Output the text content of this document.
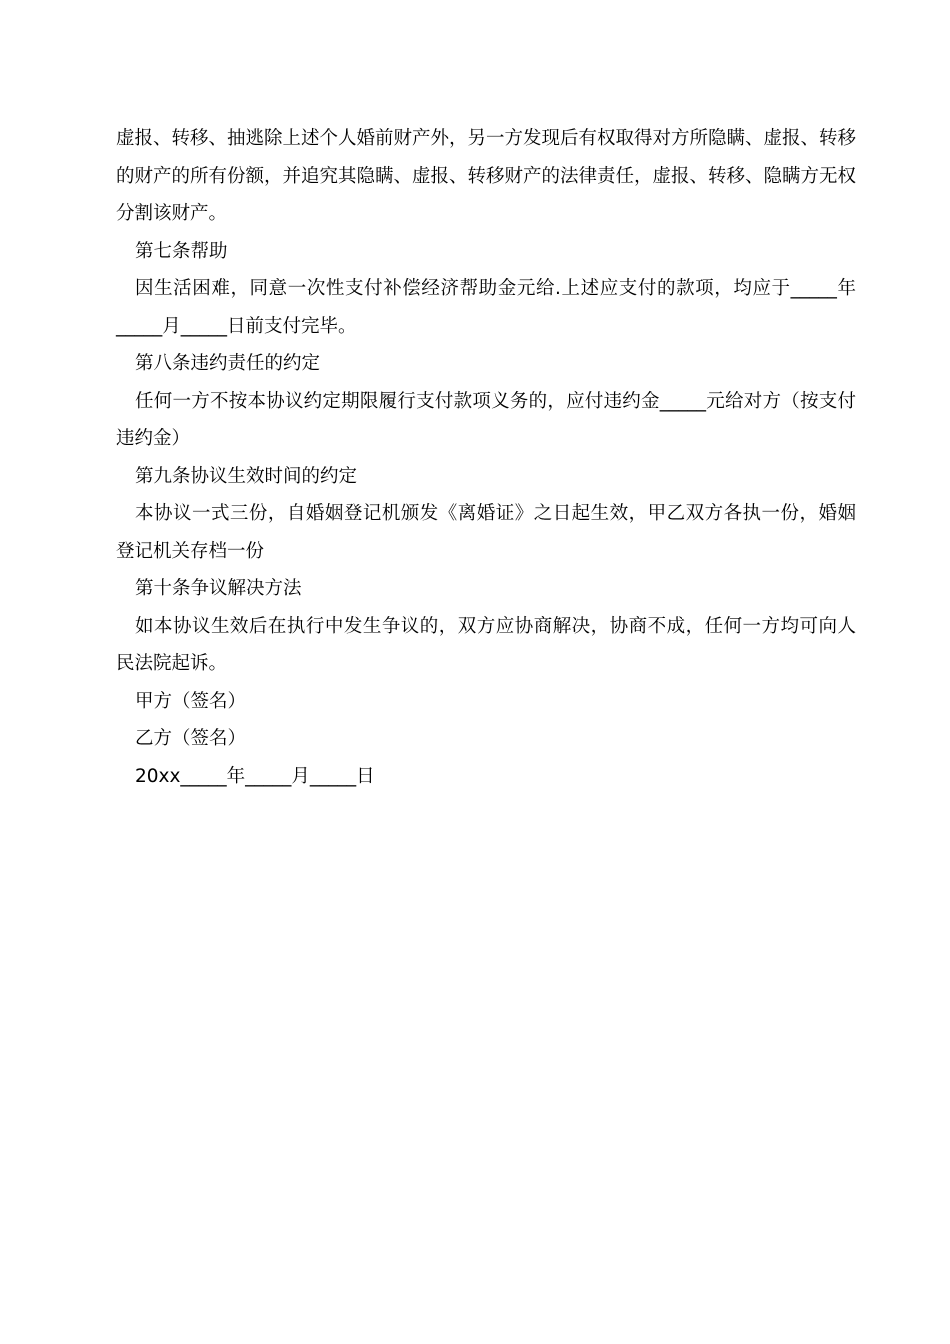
虚报、转移、抽逃除上述个人婚前财产外，另一方发现后有权取得对方所隐瞒、虚报、转移的财产的所有份额，并追究其隐瞒、虚报、转移财产的法律责任，虚报、转移、隐瞒方无权分割该财产。

第七条帮助

因生活困难，同意一次性支付补偿经济帮助金元给.上述应支付的款项，均应于_____年_____月_____日前支付完毕。

第八条违约责任的约定

任何一方不按本协议约定期限履行支付款项义务的，应付违约金_____元给对方（按支付违约金）

第九条协议生效时间的约定

本协议一式三份，自婚姻登记机颁发《离婚证》之日起生效，甲乙双方各执一份，婚姻登记机关存档一份

第十条争议解决方法

如本协议生效后在执行中发生争议的，双方应协商解决，协商不成，任何一方均可向人民法院起诉。

甲方（签名）

乙方（签名）

20xx_____年_____月_____日
